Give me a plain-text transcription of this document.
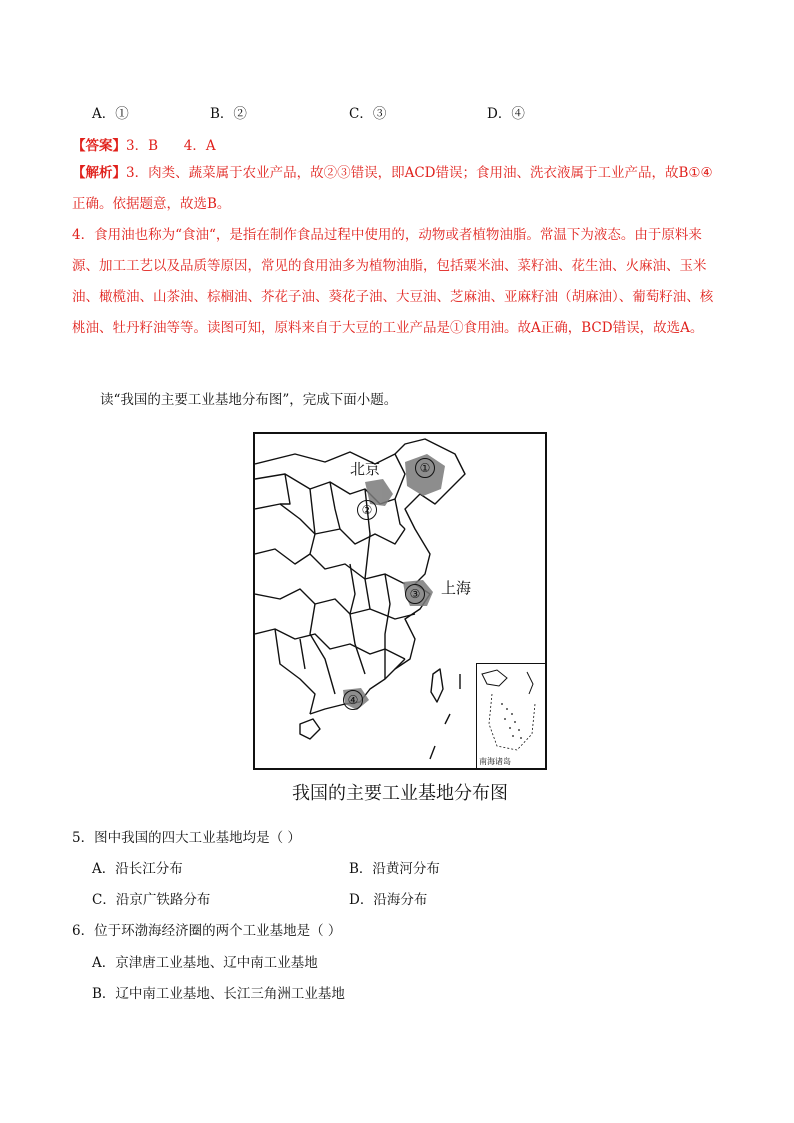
A．①	B．②	C．③	D．④
【答案】3．B      4．A
【解析】3．肉类、蔬菜属于农业产品，故②③错误，即ACD错误；食用油、洗衣液属于工业产品，故B①④正确。依据题意，故选B。
4．食用油也称为“食油“，是指在制作食品过程中使用的，动物或者植物油脂。常温下为液态。由于原料来源、加工工艺以及品质等原因，常见的食用油多为植物油脂，包括粟米油、菜籽油、花生油、火麻油、玉米油、橄榄油、山茶油、棕榈油、芥花子油、葵花子油、大豆油、芝麻油、亚麻籽油（胡麻油）、葡萄籽油、核桃油、牡丹籽油等等。读图可知，原料来自于大豆的工业产品是①食用油。故A正确，BCD错误，故选A。
读“我国的主要工业基地分布图”，完成下面小题。
北京
上海
①
②
③
④
南海诸岛
我国的主要工业基地分布图
5．图中我国的四大工业基地均是（ ）
A．沿长江分布	B．沿黄河分布
C．沿京广铁路分布	D．沿海分布
6．位于环渤海经济圈的两个工业基地是（ ）
A．京津唐工业基地、辽中南工业基地
B．辽中南工业基地、长江三角洲工业基地
